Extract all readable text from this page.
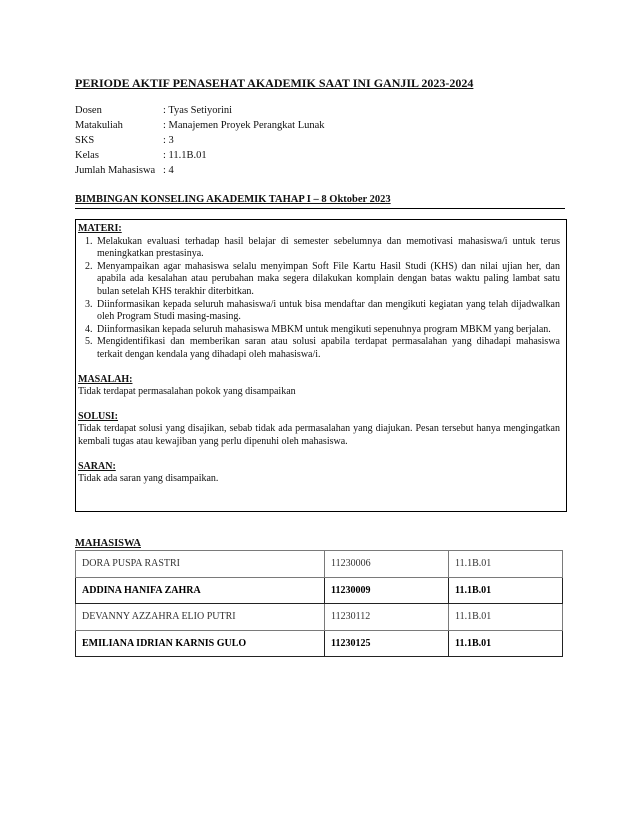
PERIODE AKTIF PENASEHAT AKADEMIK SAAT INI GANJIL 2023-2024
Dosen	: Tyas Setiyorini
Matakuliah	: Manajemen Proyek Perangkat Lunak
SKS	: 3
Kelas	: 11.1B.01
Jumlah Mahasiswa : 4
BIMBINGAN KONSELING AKADEMIK TAHAP I – 8 Oktober 2023
MATERI:
1. Melakukan evaluasi terhadap hasil belajar di semester sebelumnya dan memotivasi mahasiswa/i untuk terus meningkatkan prestasinya.
2. Menyampaikan agar mahasiswa selalu menyimpan Soft File Kartu Hasil Studi (KHS) dan nilai ujian her, dan apabila ada kesalahan atau perubahan maka segera dilakukan komplain dengan batas waktu paling lambat satu bulan setelah KHS terakhir diterbitkan.
3. Diinformasikan kepada seluruh mahasiswa/i untuk bisa mendaftar dan mengikuti kegiatan yang telah dijadwalkan oleh Program Studi masing-masing.
4. Diinformasikan kepada seluruh mahasiswa MBKM untuk mengikuti sepenuhnya program MBKM yang berjalan.
5. Mengidentifikasi dan memberikan saran atau solusi apabila terdapat permasalahan yang dihadapi mahasiswa terkait dengan kendala yang dihadapi oleh mahasiswa/i.
MASALAH:
Tidak terdapat permasalahan pokok yang disampaikan
SOLUSI:
Tidak terdapat solusi yang disajikan, sebab tidak ada permasalahan yang diajukan. Pesan tersebut hanya mengingatkan kembali tugas atau kewajiban yang perlu dipenuhi oleh mahasiswa.
SARAN:
Tidak ada saran yang disampaikan.
MAHASISWA
DORA PUSPA RASTRI	11230006	11.1B.01
ADDINA HANIFA ZAHRA	11230009	11.1B.01
DEVANNY AZZAHRA ELIO PUTRI	11230112	11.1B.01
EMILIANA IDRIAN KARNIS GULO	11230125	11.1B.01
